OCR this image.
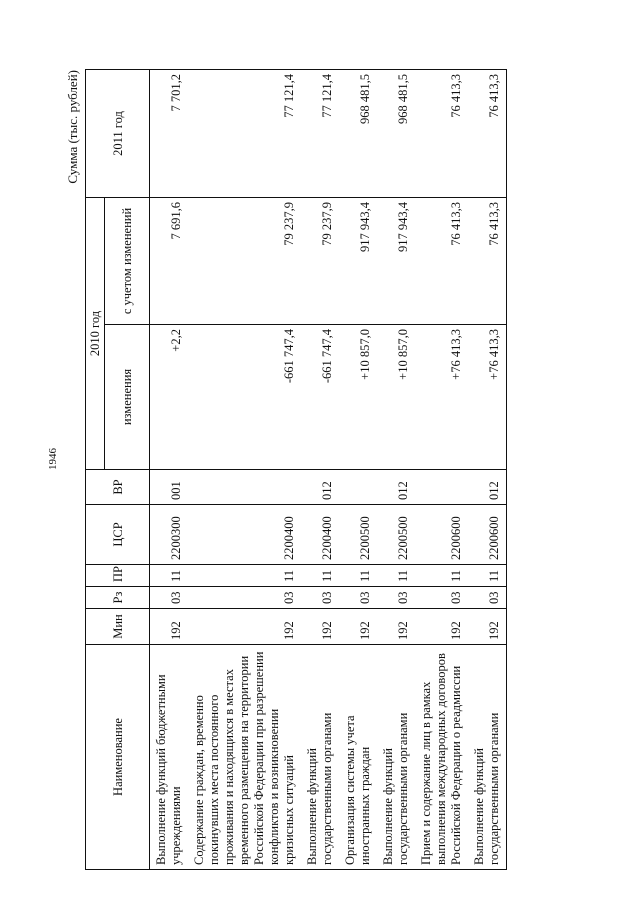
1946
Сумма (тыс. рублей)
Наименование	Мин	Рз	ПР	ЦСР	ВР	2010 год		2011 год
						изменения	с учетом изменений	
Выполнение функций бюджетными учреждениями	192	03	11	2200300	001	+2,2	7 691,6	7 701,2
Содержание граждан, временно покинувших места постоянного проживания и находящихся в местах временного размещения на территории Российской Федерации при разрешении конфликтов и возникновении кризисных ситуаций	192	03	11	2200400		-661 747,4	79 237,9	77 121,4
Выполнение функций государственными органами	192	03	11	2200400	012	-661 747,4	79 237,9	77 121,4
Организация системы учета иностранных граждан	192	03	11	2200500		+10 857,0	917 943,4	968 481,5
Выполнение функций государственными органами	192	03	11	2200500	012	+10 857,0	917 943,4	968 481,5
Прием и содержание лиц в рамках выполнения международных договоров Российской Федерации о реадмиссии	192	03	11	2200600		+76 413,3	76 413,3	76 413,3
Выполнение функций государственными органами	192	03	11	2200600	012	+76 413,3	76 413,3	76 413,3
